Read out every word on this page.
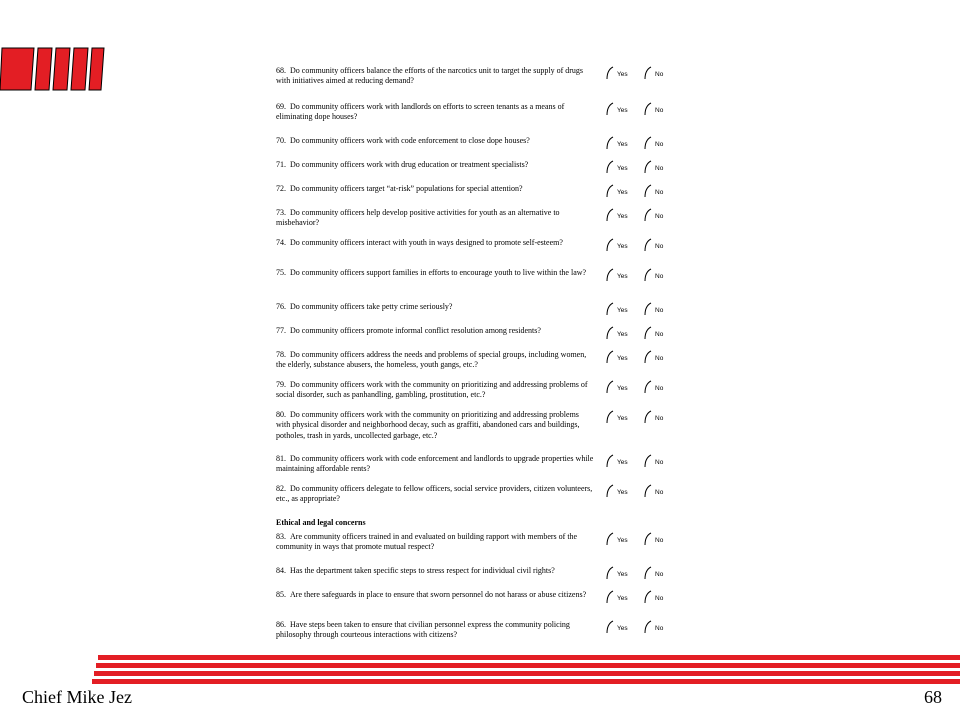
68. Do community officers balance the efforts of the narcotics unit to target the supply of drugs with initiatives aimed at reducing demand?
Yes	No
69. Do community officers work with landlords on efforts to screen tenants as a means of eliminating dope houses?
Yes	No
70. Do community officers work with code enforcement to close dope houses?	Yes	No
71. Do community officers work with drug education or treatment specialists?	Yes	No
72. Do community officers target “at-risk” populations for special attention?	Yes	No
73. Do community officers help develop positive activities for youth as an alternative to misbehavior?
Yes	No
74. Do community officers interact with youth in ways designed to promote self-esteem?	Yes	No
75. Do community officers support families in efforts to encourage youth to live within the law?	Yes	No
76. Do community officers take petty crime seriously?	Yes	No
77. Do community officers promote informal conflict resolution among residents?	Yes	No
78. Do community officers address the needs and problems of special groups, including women, the elderly, substance abusers, the homeless, youth gangs, etc.?
Yes	No
79. Do community officers work with the community on prioritizing and addressing problems of social disorder, such as panhandling, gambling, prostitution, etc.?
Yes	No
80. Do community officers work with the community on prioritizing and addressing problems with physical disorder and neighborhood decay, such as graffiti, abandoned cars and buildings, potholes, trash in yards, uncollected garbage, etc.?
Yes	No
81. Do community officers work with code enforcement and landlords to upgrade properties while maintaining affordable rents?
Yes	No
82. Do community officers delegate to fellow officers, social service providers, citizen volunteers, etc., as appropriate?
Yes	No
Ethical and legal concerns
83. Are community officers trained in and evaluated on building rapport with members of the community in ways that promote mutual respect?
Yes	No
84. Has the department taken specific steps to stress respect for individual civil rights?	Yes	No
85. Are there safeguards in place to ensure that sworn personnel do not harass or abuse citizens?	Yes	No
86. Have steps been taken to ensure that civilian personnel express the community policing philosophy through courteous interactions with citizens?
Yes	No
Chief Mike Jez	68
